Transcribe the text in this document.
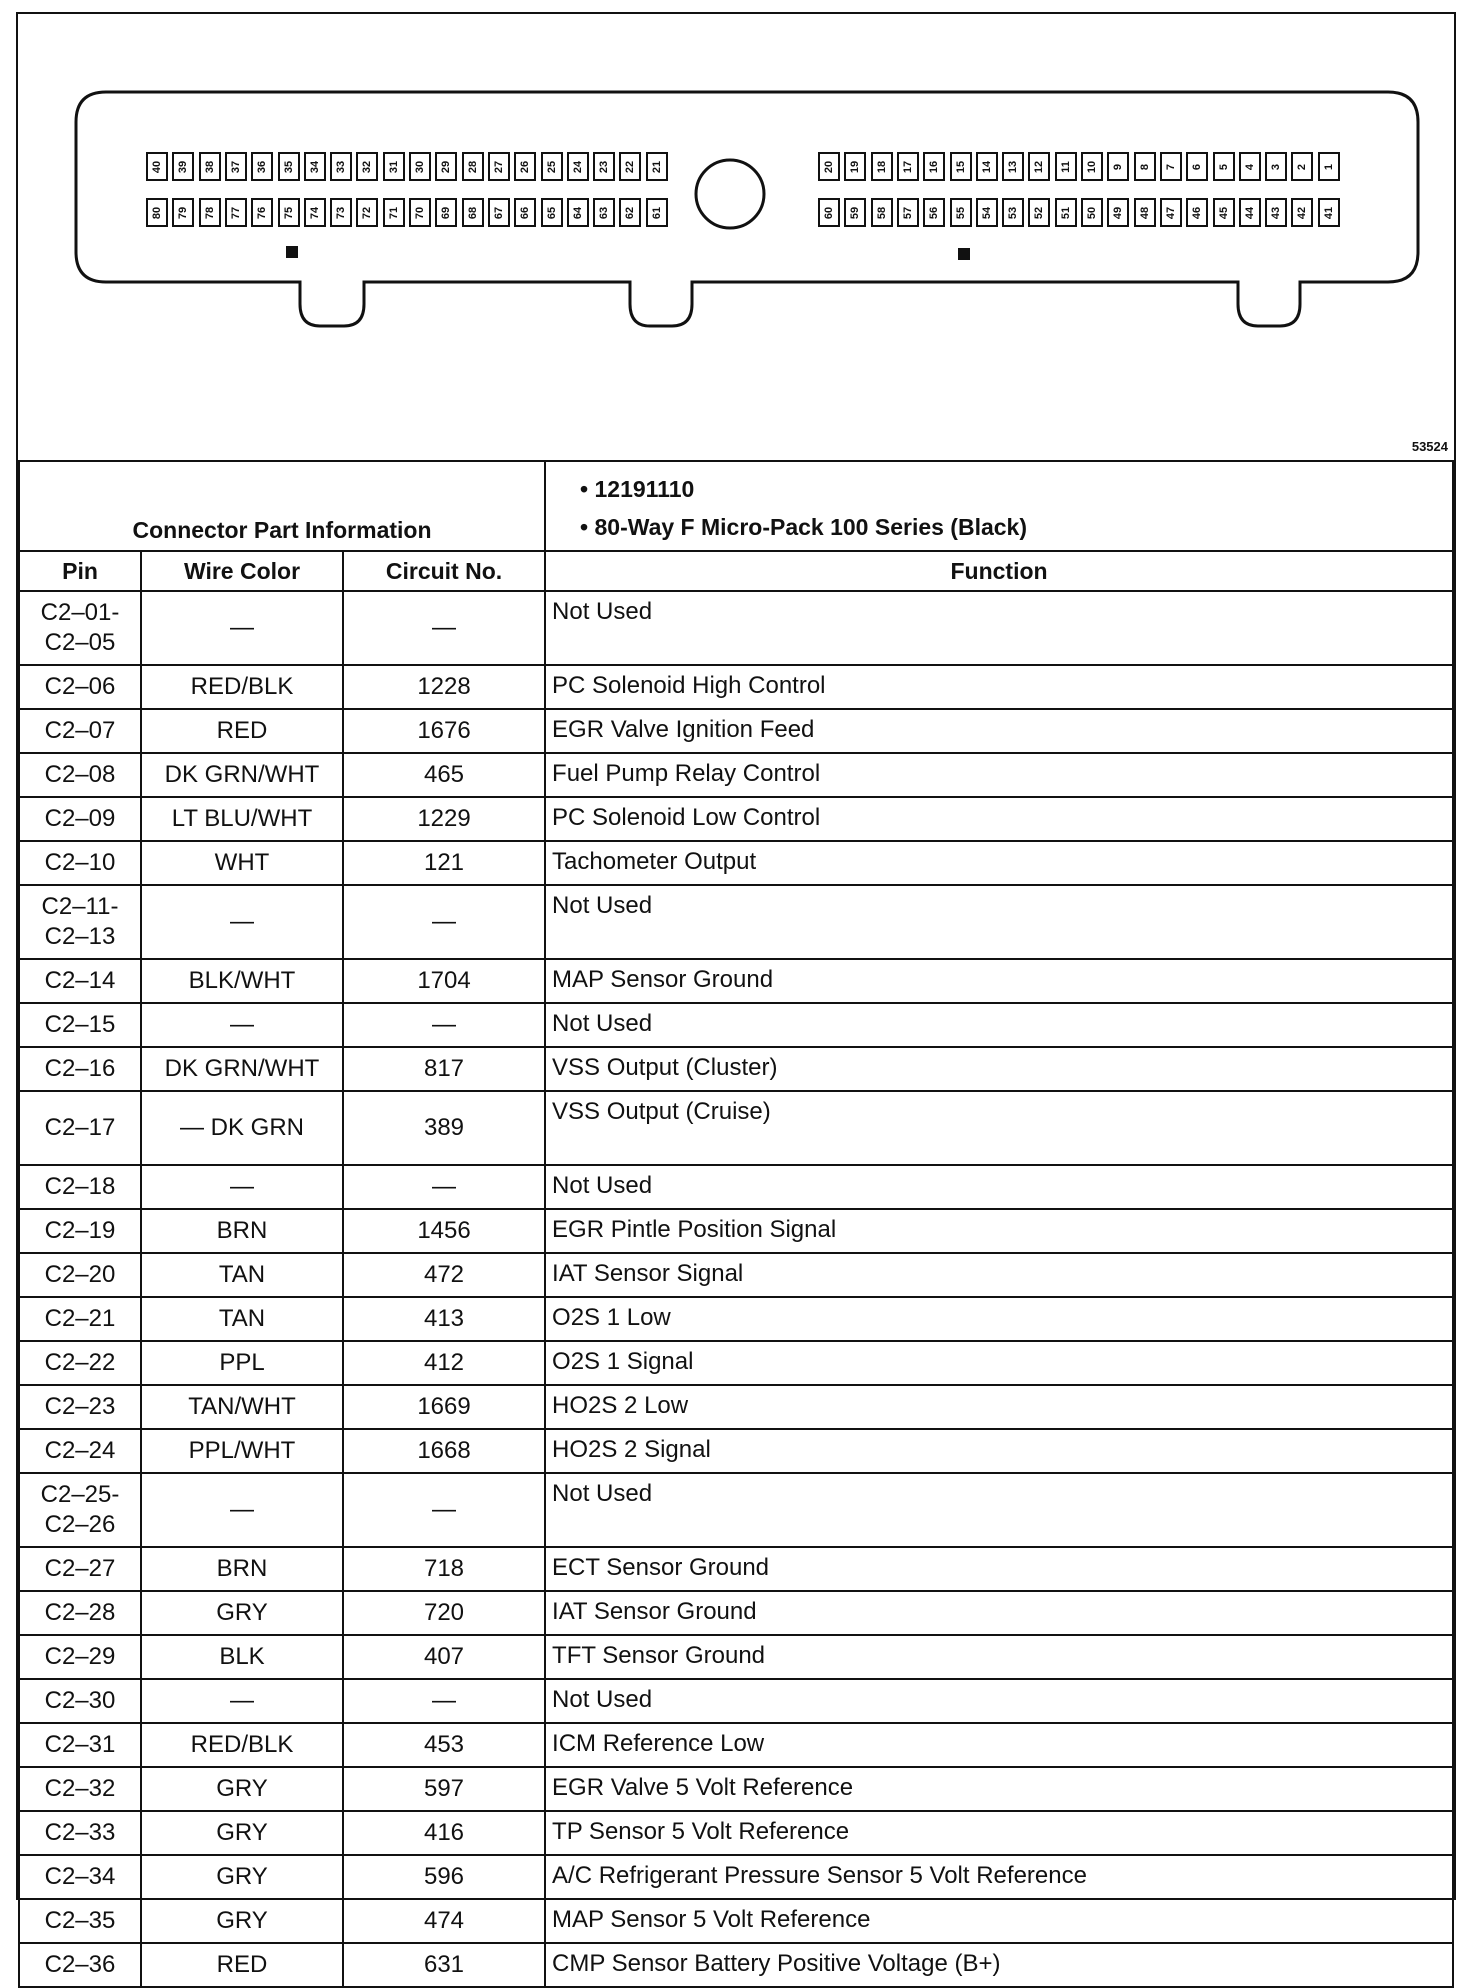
40 39 38 37 36 35 34 33 32 31 30 29 28 27 26 25 24 23 22 21
80 79 78 77 76 75 74 73 72 71 70 69 68 67 66 65 64 63 62 61
20 19 18 17 16 15 14 13 12 11 10 9 8 7 6 5 4 3 2 1
60 59 58 57 56 55 54 53 52 51 50 49 48 47 46 45 44 43 42 41
53524
Connector Part Information			• 12191110
• 80-Way F Micro-Pack 100 Series (Black)

Pin	Wire Color	Circuit No.	Function

C2–01-
C2–05	—	—	Not Used

C2–06	RED/BLK	1228	PC Solenoid High Control

C2–07	RED	1676	EGR Valve Ignition Feed

C2–08	DK GRN/WHT	465	Fuel Pump Relay Control

C2–09	LT BLU/WHT	1229	PC Solenoid Low Control

C2–10	WHT	121	Tachometer Output

C2–11-
C2–13	—	—	Not Used

C2–14	BLK/WHT	1704	MAP Sensor Ground

C2–15	—	—	Not Used

C2–16	DK GRN/WHT	817	VSS Output (Cluster)

C2–17	— DK GRN	389	VSS Output (Cruise)

C2–18	—	—	Not Used

C2–19	BRN	1456	EGR Pintle Position Signal

C2–20	TAN	472	IAT Sensor Signal

C2–21	TAN	413	O2S 1 Low

C2–22	PPL	412	O2S 1 Signal

C2–23	TAN/WHT	1669	HO2S 2 Low

C2–24	PPL/WHT	1668	HO2S 2 Signal

C2–25-
C2–26	—	—	Not Used

C2–27	BRN	718	ECT Sensor Ground

C2–28	GRY	720	IAT Sensor Ground

C2–29	BLK	407	TFT Sensor Ground

C2–30	—	—	Not Used

C2–31	RED/BLK	453	ICM Reference Low

C2–32	GRY	597	EGR Valve 5 Volt Reference

C2–33	GRY	416	TP Sensor 5 Volt Reference

C2–34	GRY	596	A/C Refrigerant Pressure Sensor 5 Volt Reference

C2–35	GRY	474	MAP Sensor 5 Volt Reference

C2–36	RED	631	CMP Sensor Battery Positive Voltage (B+)
